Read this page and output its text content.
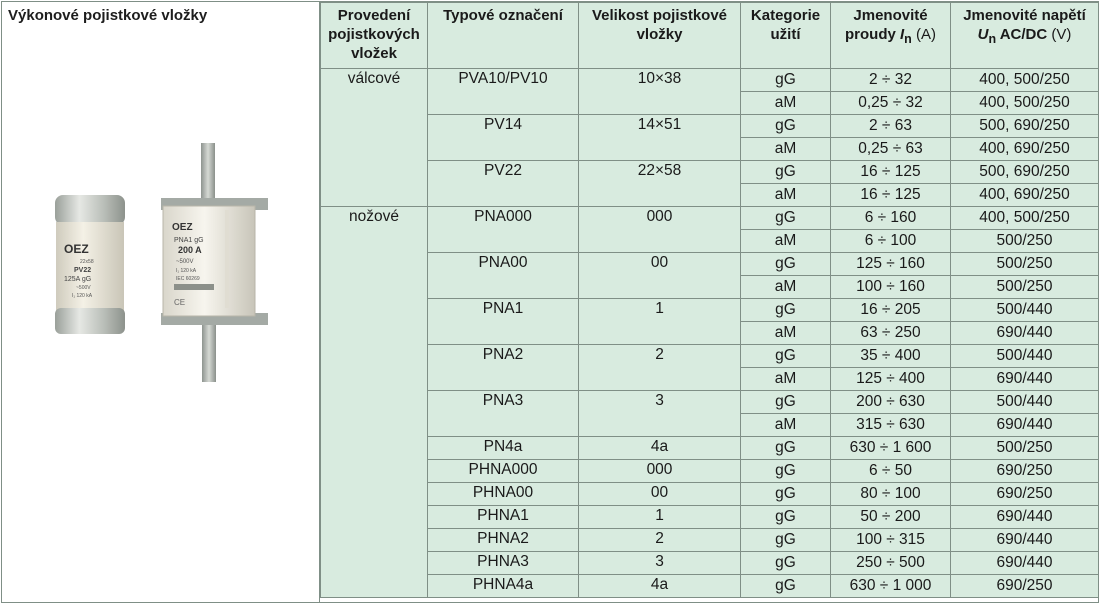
Výkonové pojistkové vložky
OEZ
22x58
PV22
125A gG
~500V
I₁ 120 kA
OEZ
PNA1 gG
200 A
~500V
I₁ 120 kA
IEC 60269
CE
Provedení pojistkových vložek	Typové označení	Velikost pojistkové vložky	Kategorie užití	Jmenovité proudy $I_n$ (A)	Jmenovité napětí
$U_n$ AC/DC (V)
válcové	PVA10/PV10	10×38	gG	2 ÷ 32	400, 500/250
			aM	0,25 ÷ 32	400, 500/250
	PV14	14×51	gG	2 ÷ 63	500, 690/250
			aM	0,25 ÷ 63	400, 690/250
	PV22	22×58	gG	16 ÷ 125	500, 690/250
			aM	16 ÷ 125	400, 690/250
nožové	PNA000	000	gG	6 ÷ 160	400, 500/250
			aM	6 ÷ 100	500/250
	PNA00	00	gG	125 ÷ 160	500/250
			aM	100 ÷ 160	500/250
	PNA1	1	gG	16 ÷ 205	500/440
			aM	63 ÷ 250	690/440
	PNA2	2	gG	35 ÷ 400	500/440
			aM	125 ÷ 400	690/440
	PNA3	3	gG	200 ÷ 630	500/440
			aM	315 ÷ 630	690/440
	PN4a	4a	gG	630 ÷ 1 600	500/250
	PHNA000	000	gG	6 ÷ 50	690/250
	PHNA00	00	gG	80 ÷ 100	690/250
	PHNA1	1	gG	50 ÷ 200	690/440
	PHNA2	2	gG	100 ÷ 315	690/440
	PHNA3	3	gG	250 ÷ 500	690/440
	PHNA4a	4a	gG	630 ÷ 1 000	690/250
